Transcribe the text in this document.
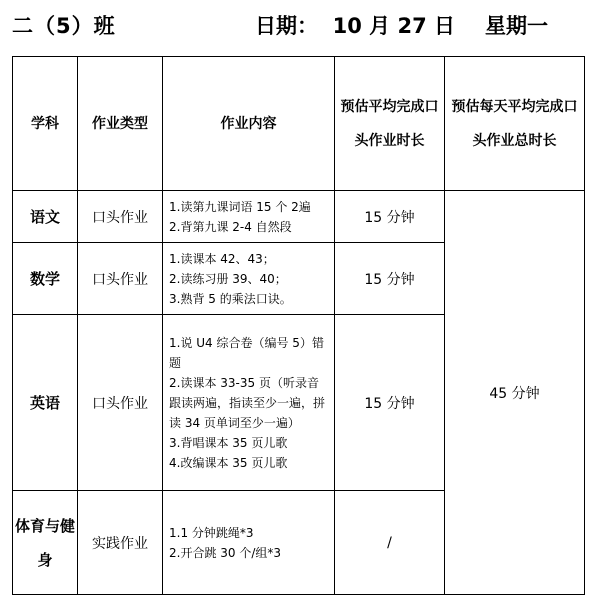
二（5）班	日期：  10 月 27 日 星期一
学科	作业类型	作业内容	预估平均完成口头作业时长	预估每天平均完成口头作业总时长
语文	口头作业	1.读第九课词语 15 个 2遍
2.背第九课 2-4 自然段	15 分钟	45 分钟
数学	口头作业	1.读课本 42、43；
2.读练习册 39、40；
3.熟背 5 的乘法口诀。	15 分钟	
英语	口头作业	1.说 U4 综合卷（编号 5）错题
2.读课本 33-35 页（听录音跟读两遍，指读至少一遍，拼读 34 页单词至少一遍）
3.背唱课本 35 页儿歌
4.改编课本 35 页儿歌	15 分钟	
体育与健身	实践作业	1.1 分钟跳绳*3
2.开合跳 30 个/组*3	/	
